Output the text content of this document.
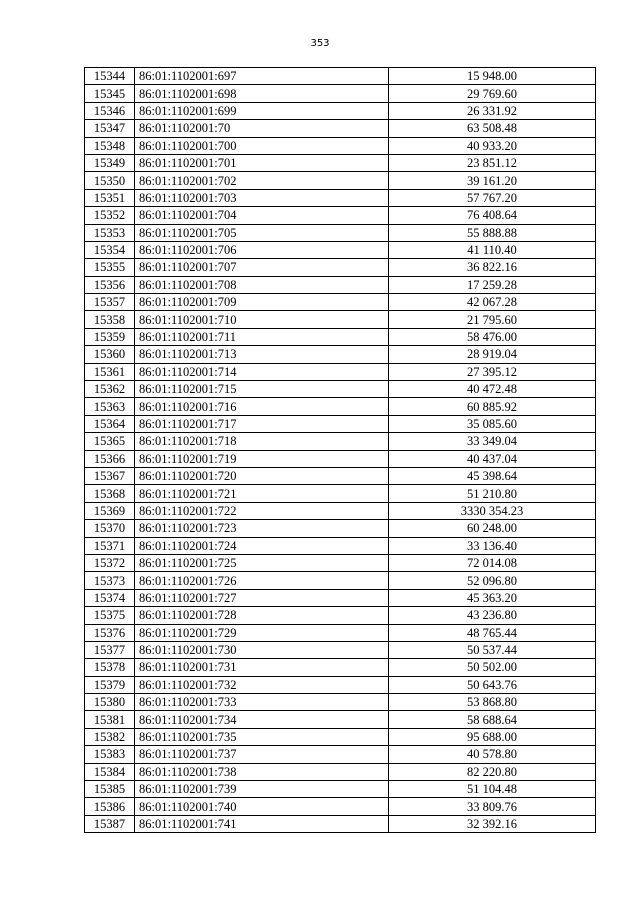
353
15344	86:01:1102001:697	15 948.00
15345	86:01:1102001:698	29 769.60
15346	86:01:1102001:699	26 331.92
15347	86:01:1102001:70	63 508.48
15348	86:01:1102001:700	40 933.20
15349	86:01:1102001:701	23 851.12
15350	86:01:1102001:702	39 161.20
15351	86:01:1102001:703	57 767.20
15352	86:01:1102001:704	76 408.64
15353	86:01:1102001:705	55 888.88
15354	86:01:1102001:706	41 110.40
15355	86:01:1102001:707	36 822.16
15356	86:01:1102001:708	17 259.28
15357	86:01:1102001:709	42 067.28
15358	86:01:1102001:710	21 795.60
15359	86:01:1102001:711	58 476.00
15360	86:01:1102001:713	28 919.04
15361	86:01:1102001:714	27 395.12
15362	86:01:1102001:715	40 472.48
15363	86:01:1102001:716	60 885.92
15364	86:01:1102001:717	35 085.60
15365	86:01:1102001:718	33 349.04
15366	86:01:1102001:719	40 437.04
15367	86:01:1102001:720	45 398.64
15368	86:01:1102001:721	51 210.80
15369	86:01:1102001:722	3330 354.23
15370	86:01:1102001:723	60 248.00
15371	86:01:1102001:724	33 136.40
15372	86:01:1102001:725	72 014.08
15373	86:01:1102001:726	52 096.80
15374	86:01:1102001:727	45 363.20
15375	86:01:1102001:728	43 236.80
15376	86:01:1102001:729	48 765.44
15377	86:01:1102001:730	50 537.44
15378	86:01:1102001:731	50 502.00
15379	86:01:1102001:732	50 643.76
15380	86:01:1102001:733	53 868.80
15381	86:01:1102001:734	58 688.64
15382	86:01:1102001:735	95 688.00
15383	86:01:1102001:737	40 578.80
15384	86:01:1102001:738	82 220.80
15385	86:01:1102001:739	51 104.48
15386	86:01:1102001:740	33 809.76
15387	86:01:1102001:741	32 392.16
